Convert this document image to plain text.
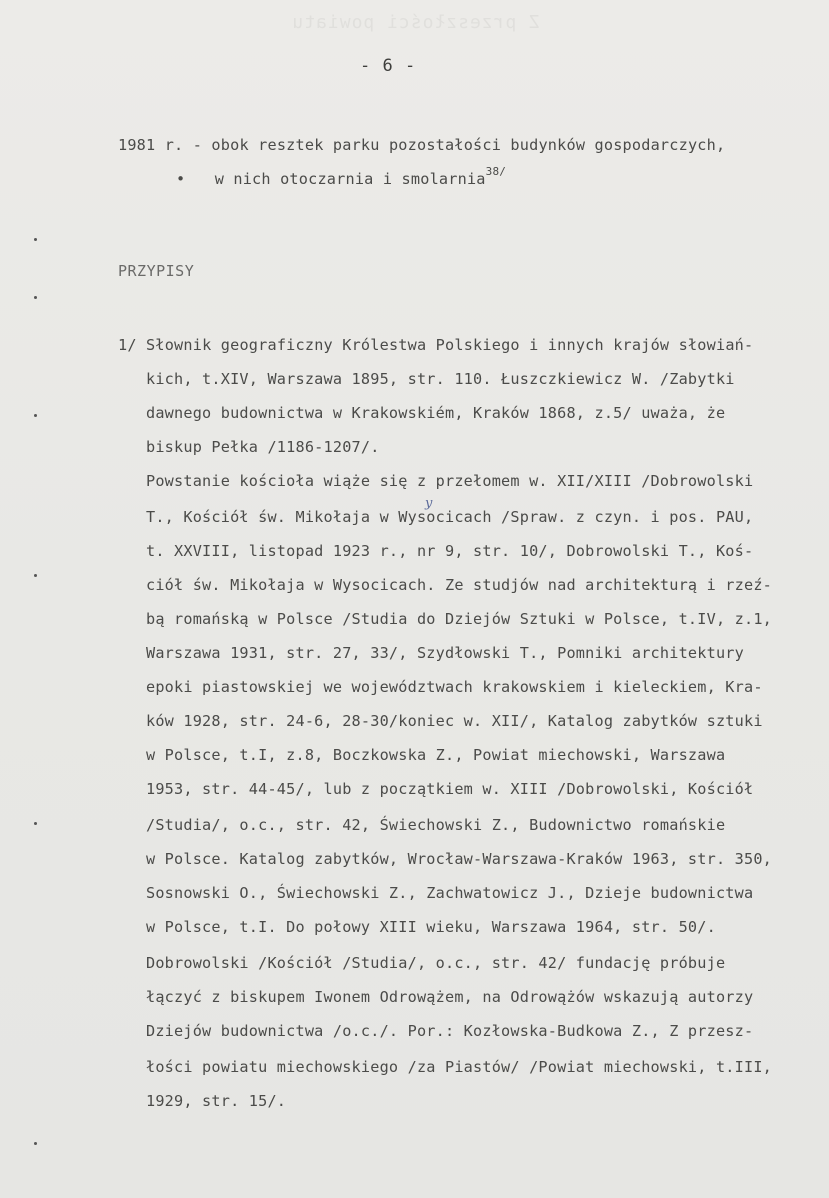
Z przeszłości powiatu
- 6 -
1981 r. - obok resztek parku pozostałości budynków gospodarczych,
• w nich otoczarnia i smolarnia$^{38/}$
PRZYPISY
1/ Słownik geograficzny Królestwa Polskiego i innych krajów słowiań-
kich, t.XIV, Warszawa 1895, str. 110. Łuszczkiewicz W. /Zabytki
dawnego budownictwa w Krakowskiém, Kraków 1868, z.5/ uważa, że
biskup Pełka /1186-1207/.
Powstanie kościoła wiąże się z przełomem w. XII/XIII /Dobrowolski
T., Kościół św. Mikołaja w Wysocicach /Spraw. z czyn. i pos. PAU,
t. XXVIII, listopad 1923 r., nr 9, str. 10/, Dobrowolski T., Koś-
ciół św. Mikołaja w Wysocicach. Ze studjów nad architekturą i rzeź-
bą romańską w Polsce /Studia do Dziejów Sztuki w Polsce, t.IV, z.1,
Warszawa 1931, str. 27, 33/, Szydłowski T., Pomniki architektury
epoki piastowskiej we województwach krakowskiem i kieleckiem, Kra-
ków 1928, str. 24-6, 28-30/koniec w. XII/, Katalog zabytków sztuki
w Polsce, t.I, z.8, Boczkowska Z., Powiat miechowski, Warszawa
1953, str. 44-45/, lub z początkiem w. XIII /Dobrowolski, Kościół
/Studia/, o.c., str. 42, Świechowski Z., Budownictwo romańskie
w Polsce. Katalog zabytków, Wrocław-Warszawa-Kraków 1963, str. 350,
Sosnowski O., Świechowski Z., Zachwatowicz J., Dzieje budownictwa
w Polsce, t.I. Do połowy XIII wieku, Warszawa 1964, str. 50/.
Dobrowolski /Kościół /Studia/, o.c., str. 42/ fundację próbuje
łączyć z biskupem Iwonem Odrowążem, na Odrowążów wskazują autorzy
Dziejów budownictwa /o.c./. Por.: Kozłowska-Budkowa Z., Z przesz-
łości powiatu miechowskiego /za Piastów/ /Powiat miechowski, t.III,
1929, str. 15/.
y
